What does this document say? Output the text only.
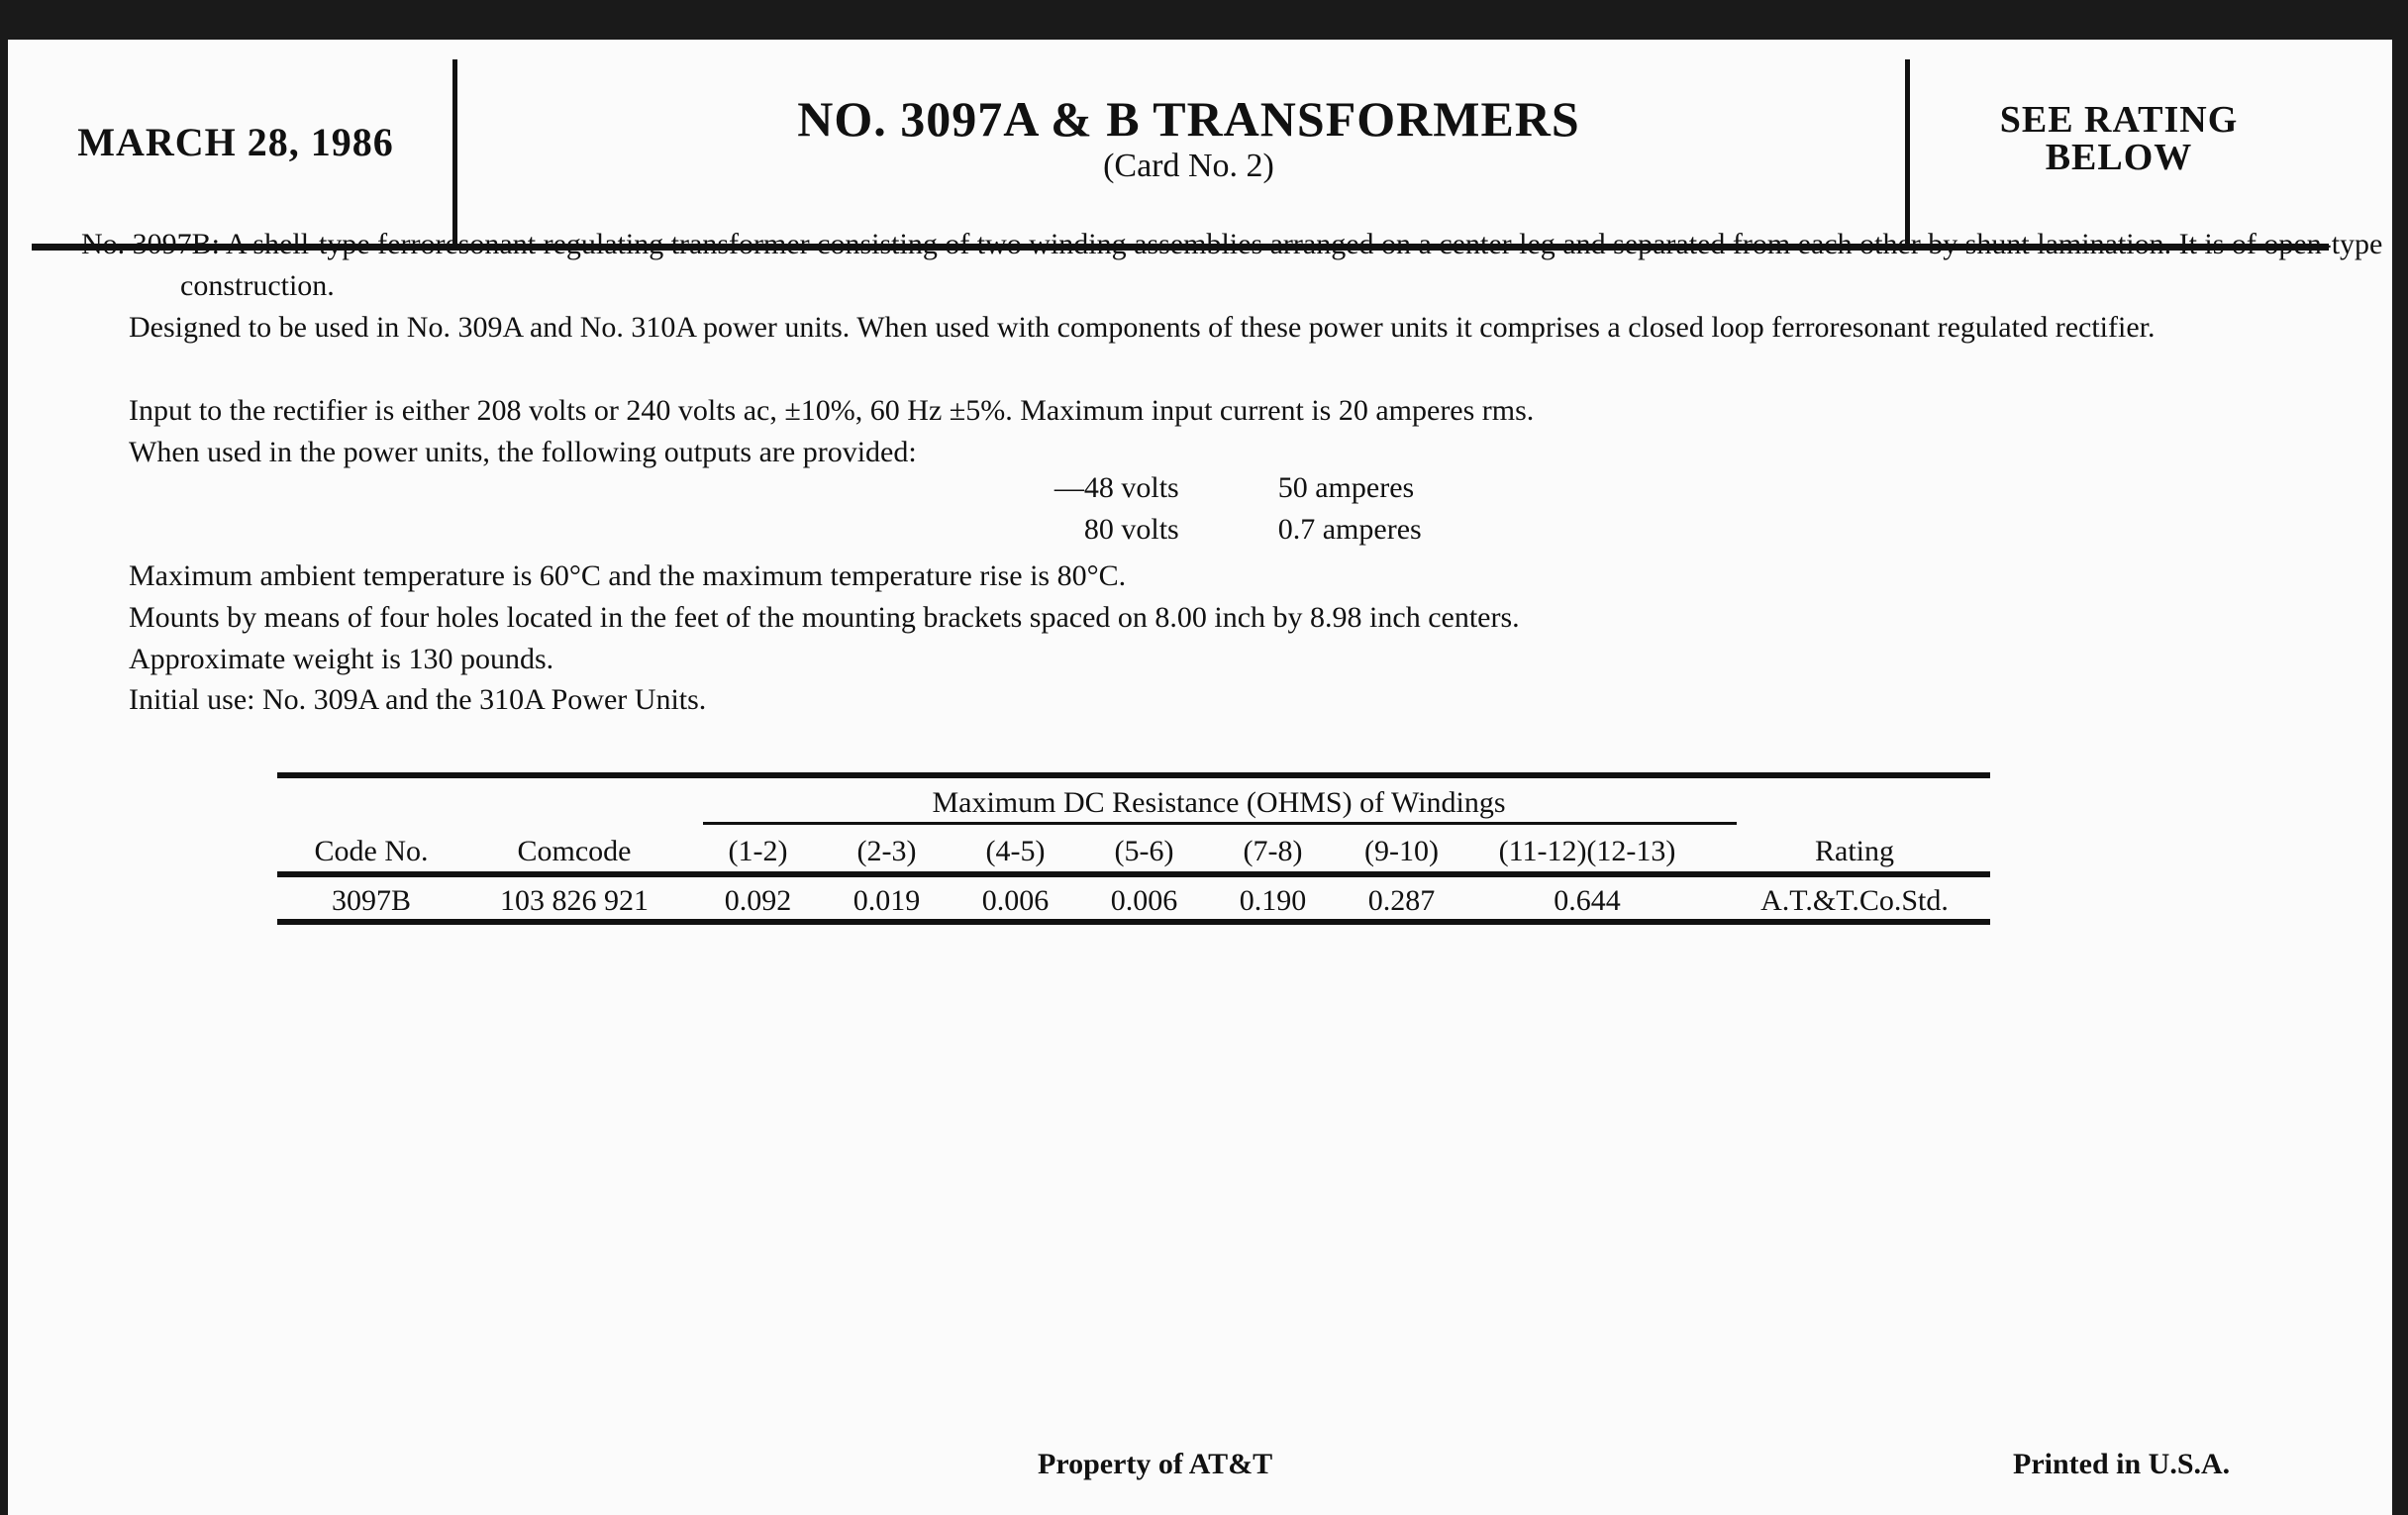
MARCH 28, 1986	NO. 3097A & B TRANSFORMERS
(Card No. 2)
SEE RATING
BELOW

No. 3097B: A shell-type ferroresonant regulating transformer consisting of two winding assemblies arranged on a center leg and separated from each other by shunt lamination. It is of open-type construction.

Designed to be used in No. 309A and No. 310A power units. When used with components of these power units it comprises a closed loop ferroresonant regulated rectifier.

Input to the rectifier is either 208 volts or 240 volts ac, ±10%, 60 Hz ±5%. Maximum input current is 20 amperes rms.

When used in the power units, the following outputs are provided:

—48 volts	50 amperes
80 volts	0.7 amperes

Maximum ambient temperature is 60°C and the maximum temperature rise is 80°C.

Mounts by means of four holes located in the feet of the mounting brackets spaced on 8.00 inch by 8.98 inch centers.

Approximate weight is 130 pounds.

Initial use: No. 309A and the 310A Power Units.

Maximum DC Resistance (OHMS) of Windings
Code No.	Comcode	(1-2)	(2-3)	(4-5)	(5-6)	(7-8)	(9-10)	(11-12)(12-13)	Rating
3097B	103 826 921	0.092	0.019	0.006	0.006	0.190	0.287	0.644	A.T.&T.Co.Std.
Property of AT&T	Printed in U.S.A.
